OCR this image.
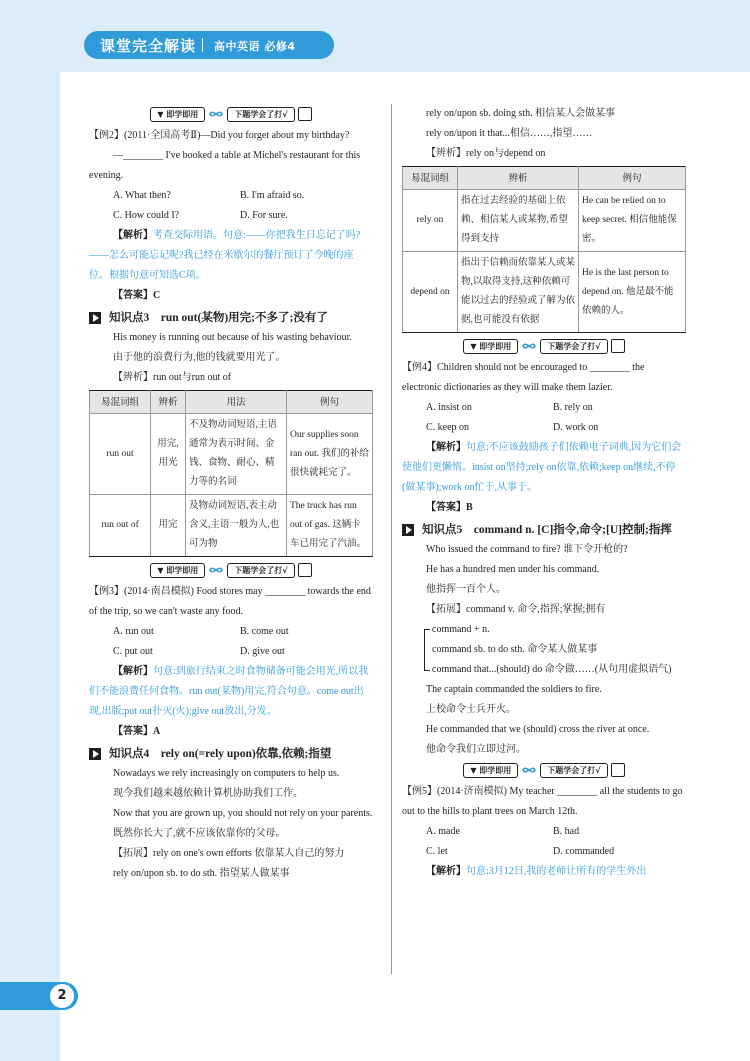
课堂完全解读 高中英语 必修4
2
▼ 即学即用	下题学会了打√

【例2】(2011·全国高考Ⅱ)—Did you forget about my birthday?

—________ I've booked a table at Michel's restaurant for this evening.

A. What then?	B. I'm afraid so.
C. How could I?	D. For sure.

【解析】考查交际用语。句意:——你把我生日忘记了吗?——怎么可能忘记呢?我已经在米歇尔的餐厅预订了今晚的座位。根据句意可知选C项。

【答案】C

知识点3　run out(某物)用完;不多了;没有了

His money is running out because of his wasting behaviour.

由于他的浪费行为,他的钱就要用光了。

【辨析】run out与run out of

易混词组	辨析	用法	例句
run out	用完,用光	不及物动词短语,主语通常为表示时间、金钱、食物、耐心、精力等的名词	Our supplies soon ran out. 我们的补给很快就耗完了。
run out of	用完	及物动词短语,表主动含义,主语一般为人,也可为物	The truck has run out of gas. 这辆卡车已用完了汽油。
▼ 即学即用	下题学会了打√

【例3】(2014·南昌模拟) Food stores may ________ towards the end of the trip, so we can't waste any food.

A. run out	B. come out
C. put out	D. give out

【解析】句意:到旅行结束之时食物储备可能会用光,所以我们不能浪费任何食物。run out(某物)用完,符合句意。come out出现,出版;put out扑灭(火);give out放出,分发。

【答案】A

知识点4　rely on(=rely upon)依靠,依赖;指望

Nowadays we rely increasingly on computers to help us.

现今我们越来越依赖计算机协助我们工作。

Now that you are grown up, you should not rely on your parents.

既然你长大了,就不应该依靠你的父母。

【拓展】rely on one's own efforts 依靠某人自己的努力

rely on/upon sb. to do sth. 指望某人做某事

rely on/upon sb. doing sth. 相信某人会做某事

rely on/upon it that...相信……,指望……

【辨析】rely on与depend on

易混词组	辨析	例句
rely on	指在过去经验的基础上依赖、相信某人或某物,希望得到支持	He can be relied on to keep secret. 相信他能保密。
depend on	指出于信赖而依靠某人或某物,以取得支持,这种依赖可能以过去的经验或了解为依据,也可能没有依据	He is the last person to depend on. 他是最不能依赖的人。
▼ 即学即用	下题学会了打√

【例4】Children should not be encouraged to ________ the electronic dictionaries as they will make them lazier.

A. insist on	B. rely on
C. keep on	D. work on

【解析】句意:不应该鼓励孩子们依赖电子词典,因为它们会使他们更懒惰。insist on坚持;rely on依靠,依赖;keep on继续,不停(做某事);work on忙于,从事于。

【答案】B

知识点5　command n. [C]指令,命令;[U]控制;指挥

Who issued the command to fire? 谁下令开枪的?

He has a hundred men under his command.

他指挥一百个人。

【拓展】command v. 命令,指挥;掌握;拥有

command + n.

command sb. to do sth. 命令某人做某事

command that...(should) do 命令做……(从句用虚拟语气)

The captain commanded the soldiers to fire.

上校命令士兵开火。

He commanded that we (should) cross the river at once.

他命令我们立即过河。

▼ 即学即用	下题学会了打√

【例5】(2014·济南模拟) My teacher ________ all the students to go out to the hills to plant trees on March 12th.

A. made	B. had
C. let	D. commanded

【解析】句意:3月12日,我的老师让所有的学生外出
